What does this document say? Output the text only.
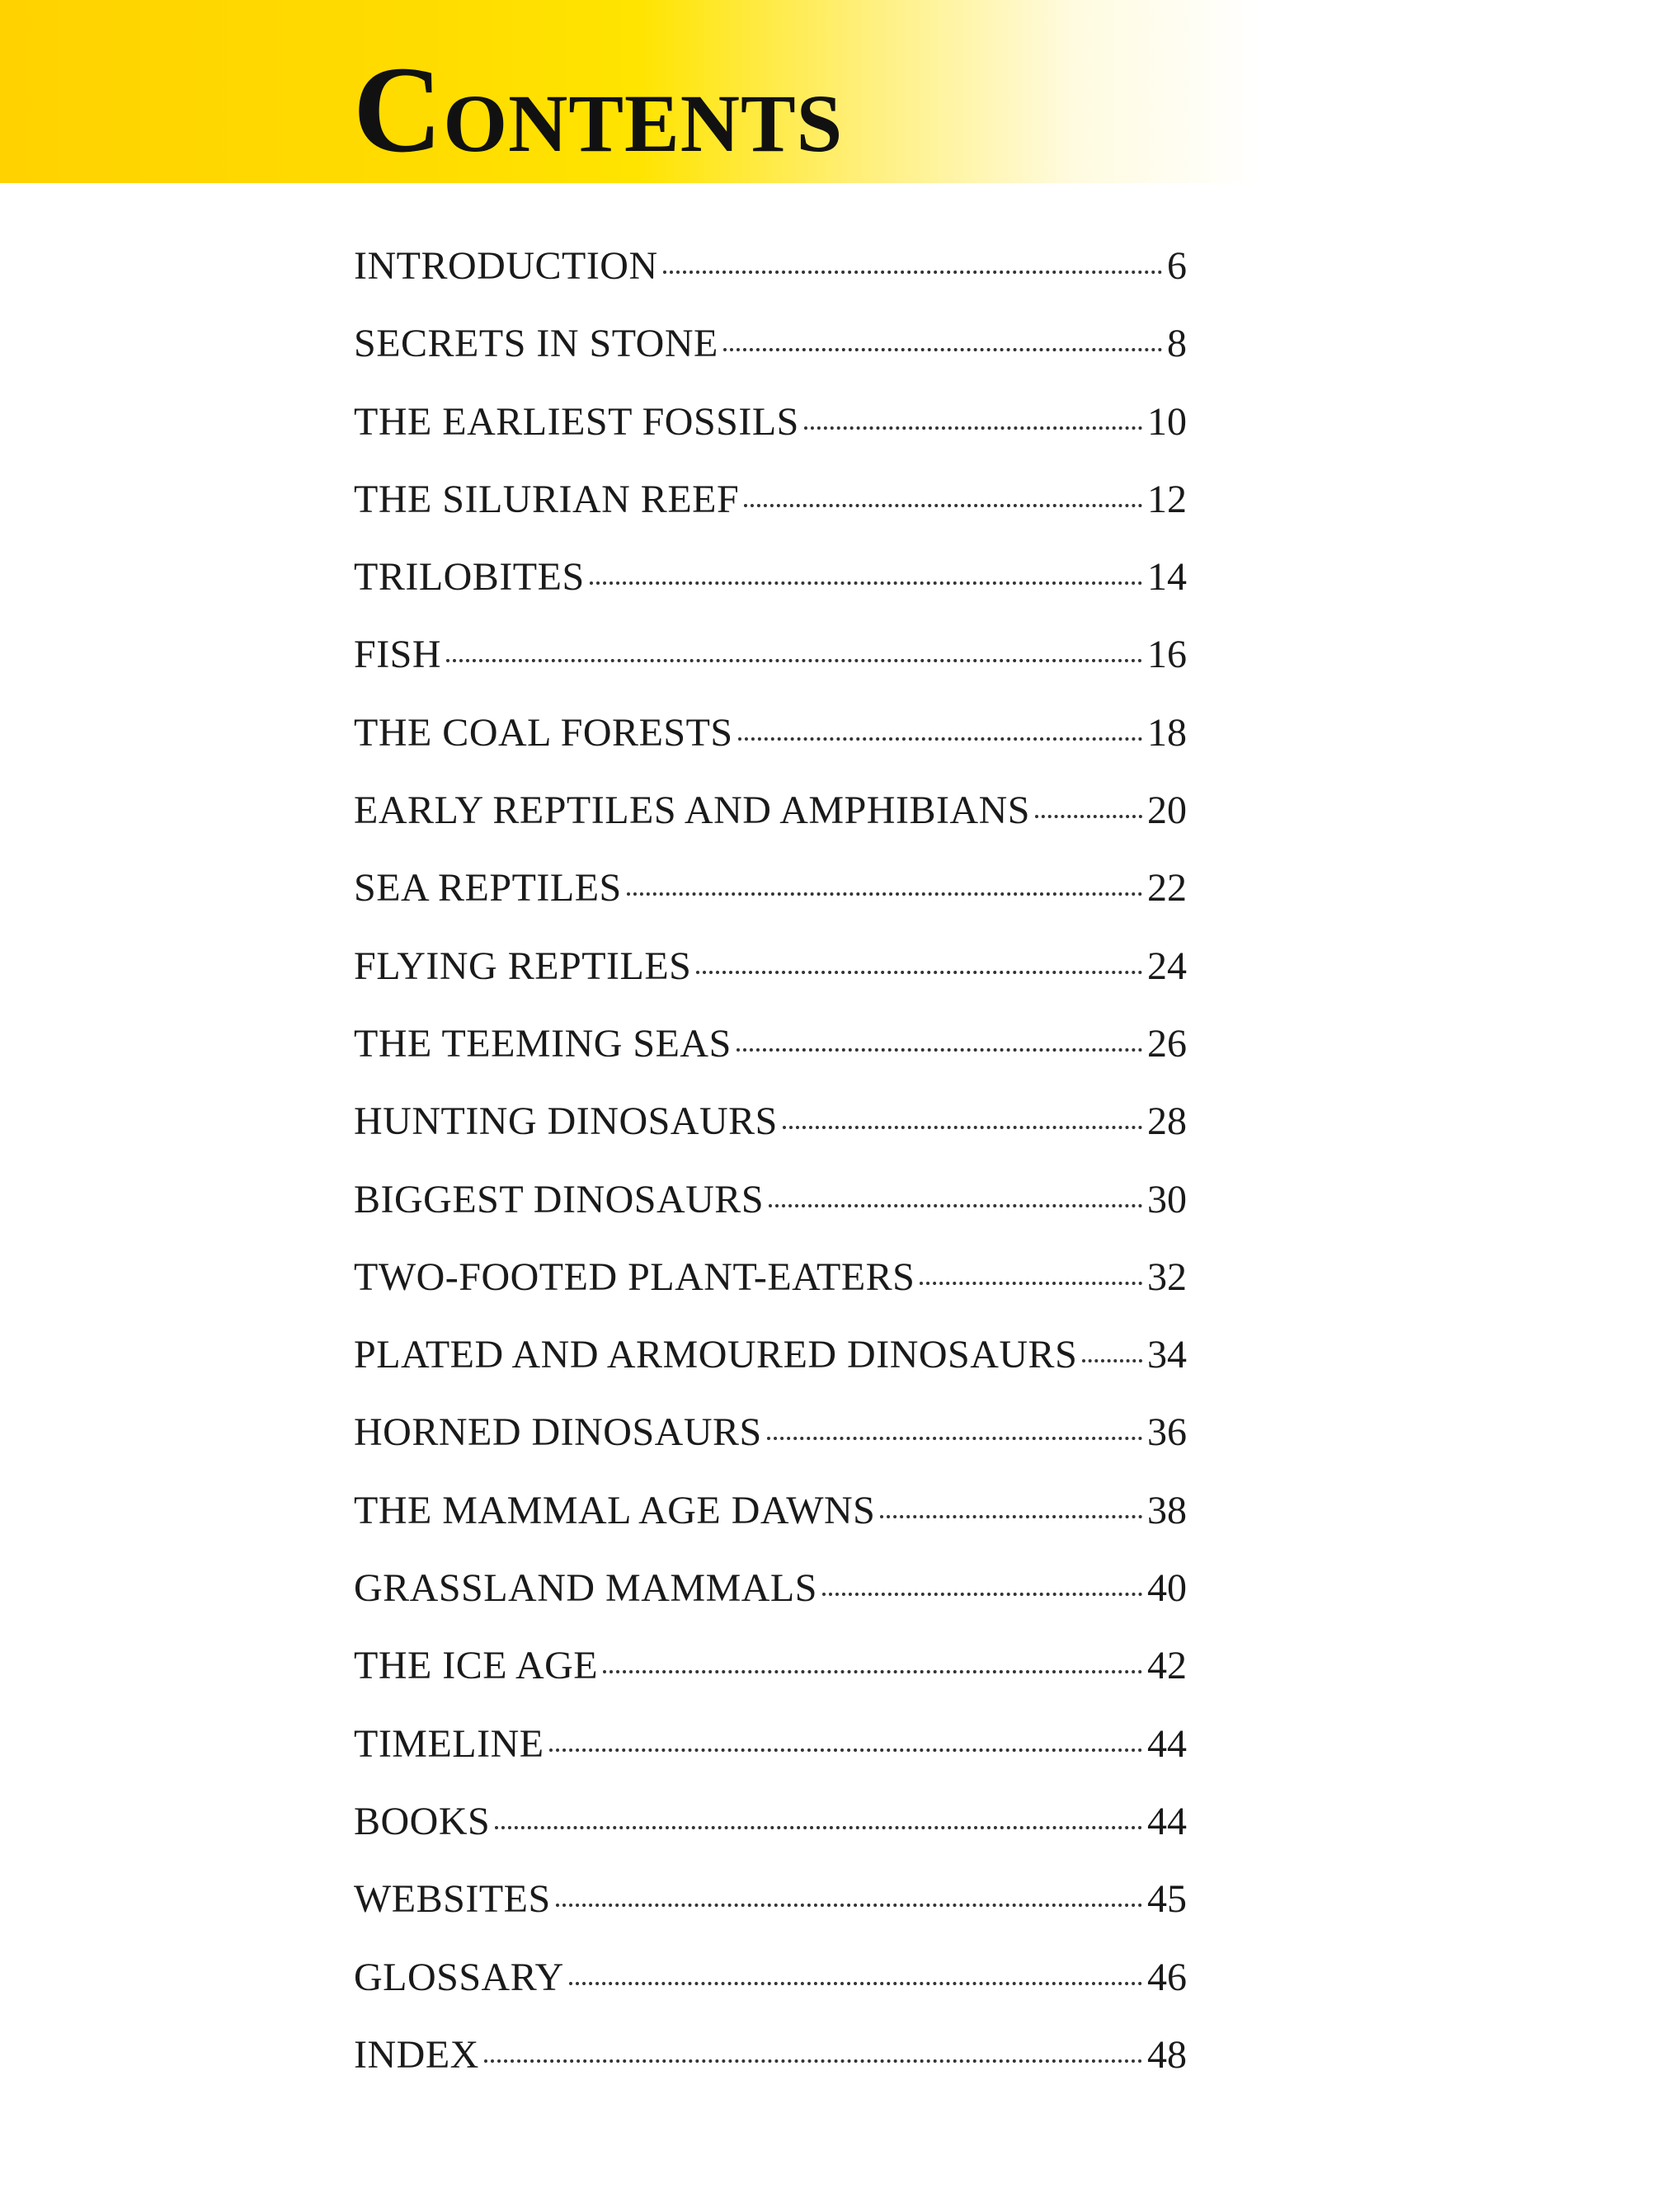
CONTENTS
INTRODUCTION	6
SECRETS IN STONE	8
THE EARLIEST FOSSILS	10
THE SILURIAN REEF	12
TRILOBITES	14
FISH	16
THE COAL FORESTS	18
EARLY REPTILES AND AMPHIBIANS	20
SEA REPTILES	22
FLYING REPTILES	24
THE TEEMING SEAS	26
HUNTING DINOSAURS	28
BIGGEST DINOSAURS	30
TWO-FOOTED PLANT-EATERS	32
PLATED AND ARMOURED DINOSAURS 34
HORNED DINOSAURS	36
THE MAMMAL AGE DAWNS	38
GRASSLAND MAMMALS	40
THE ICE AGE	42
TIMELINE	44
BOOKS	44
WEBSITES	45
GLOSSARY	46
INDEX	48
